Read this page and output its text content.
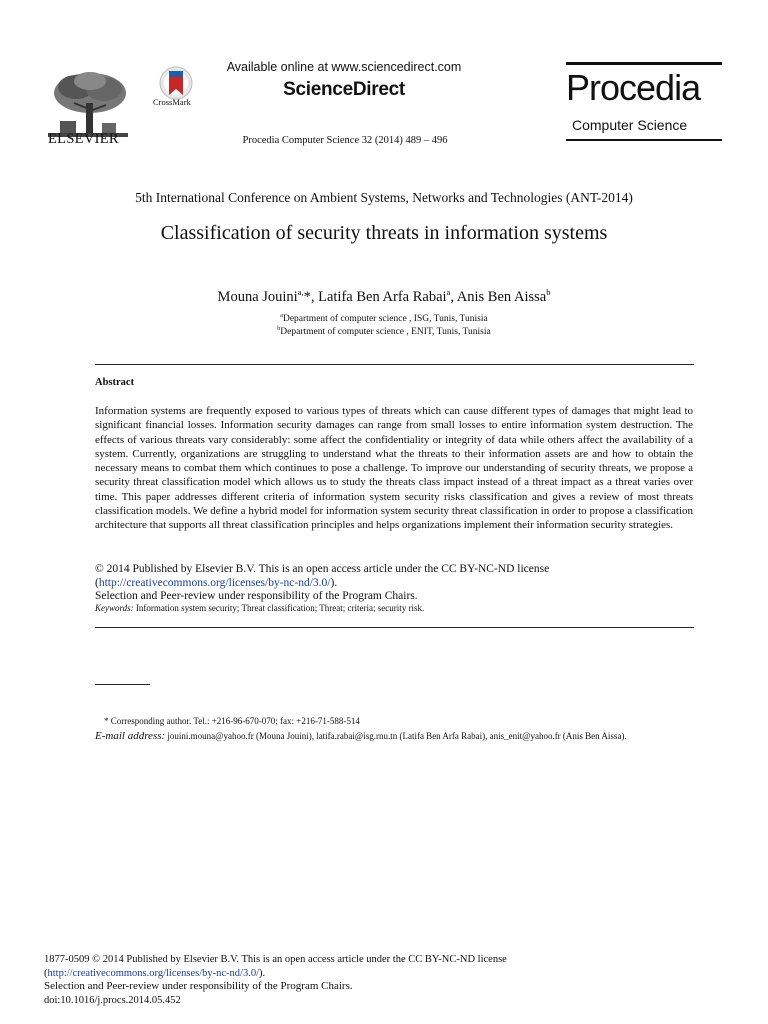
ELSEVIER
CrossMark
Available online at www.sciencedirect.com
ScienceDirect
Procedia Computer Science 32 (2014) 489 – 496
Procedia
Computer Science
5th International Conference on Ambient Systems, Networks and Technologies (ANT-2014)
Classification of security threats in information systems
Mouna Jouini$^{a,}$*, Latifa Ben Arfa Rabai$^a$, Anis Ben Aissa$^b$
$^a$Department of computer science , ISG, Tunis, Tunisia
$^b$Department of computer science , ENIT, Tunis, Tunisia
Abstract

Information systems are frequently exposed to various types of threats which can cause different types of damages that might lead to significant financial losses. Information security damages can range from small losses to entire information system destruction. The effects of various threats vary considerably: some affect the confidentiality or integrity of data while others affect the availability of a system. Currently, organizations are struggling to understand what the threats to their information assets are and how to obtain the necessary means to combat them which continues to pose a challenge. To improve our understanding of security threats, we propose a security threat classification model which allows us to study the threats class impact instead of a threat impact as a threat varies over time. This paper addresses different criteria of information system security risks classification and gives a review of most threats classification models. We define a hybrid model for information system security threat classification in order to propose a classification architecture that supports all threat classification principles and helps organizations implement their information security strategies.

© 2014 Published by Elsevier B.V. This is an open access article under the CC BY-NC-ND license
(http://creativecommons.org/licenses/by-nc-nd/3.0/).
Selection and Peer-review under responsibility of the Program Chairs.
Keywords: Information system security; Threat classification; Threat; criteria; security risk.
* Corresponding author. Tel.: +216-96-670-070; fax: +216-71-588-514
E-mail address: jouini.mouna@yahoo.fr (Mouna Jouini), latifa.rabai@isg.rnu.tn (Latifa Ben Arfa Rabai), anis_enit@yahoo.fr (Anis Ben Aissa).
1877-0509 © 2014 Published by Elsevier B.V. This is an open access article under the CC BY-NC-ND license
(http://creativecommons.org/licenses/by-nc-nd/3.0/).
Selection and Peer-review under responsibility of the Program Chairs.
doi:10.1016/j.procs.2014.05.452
